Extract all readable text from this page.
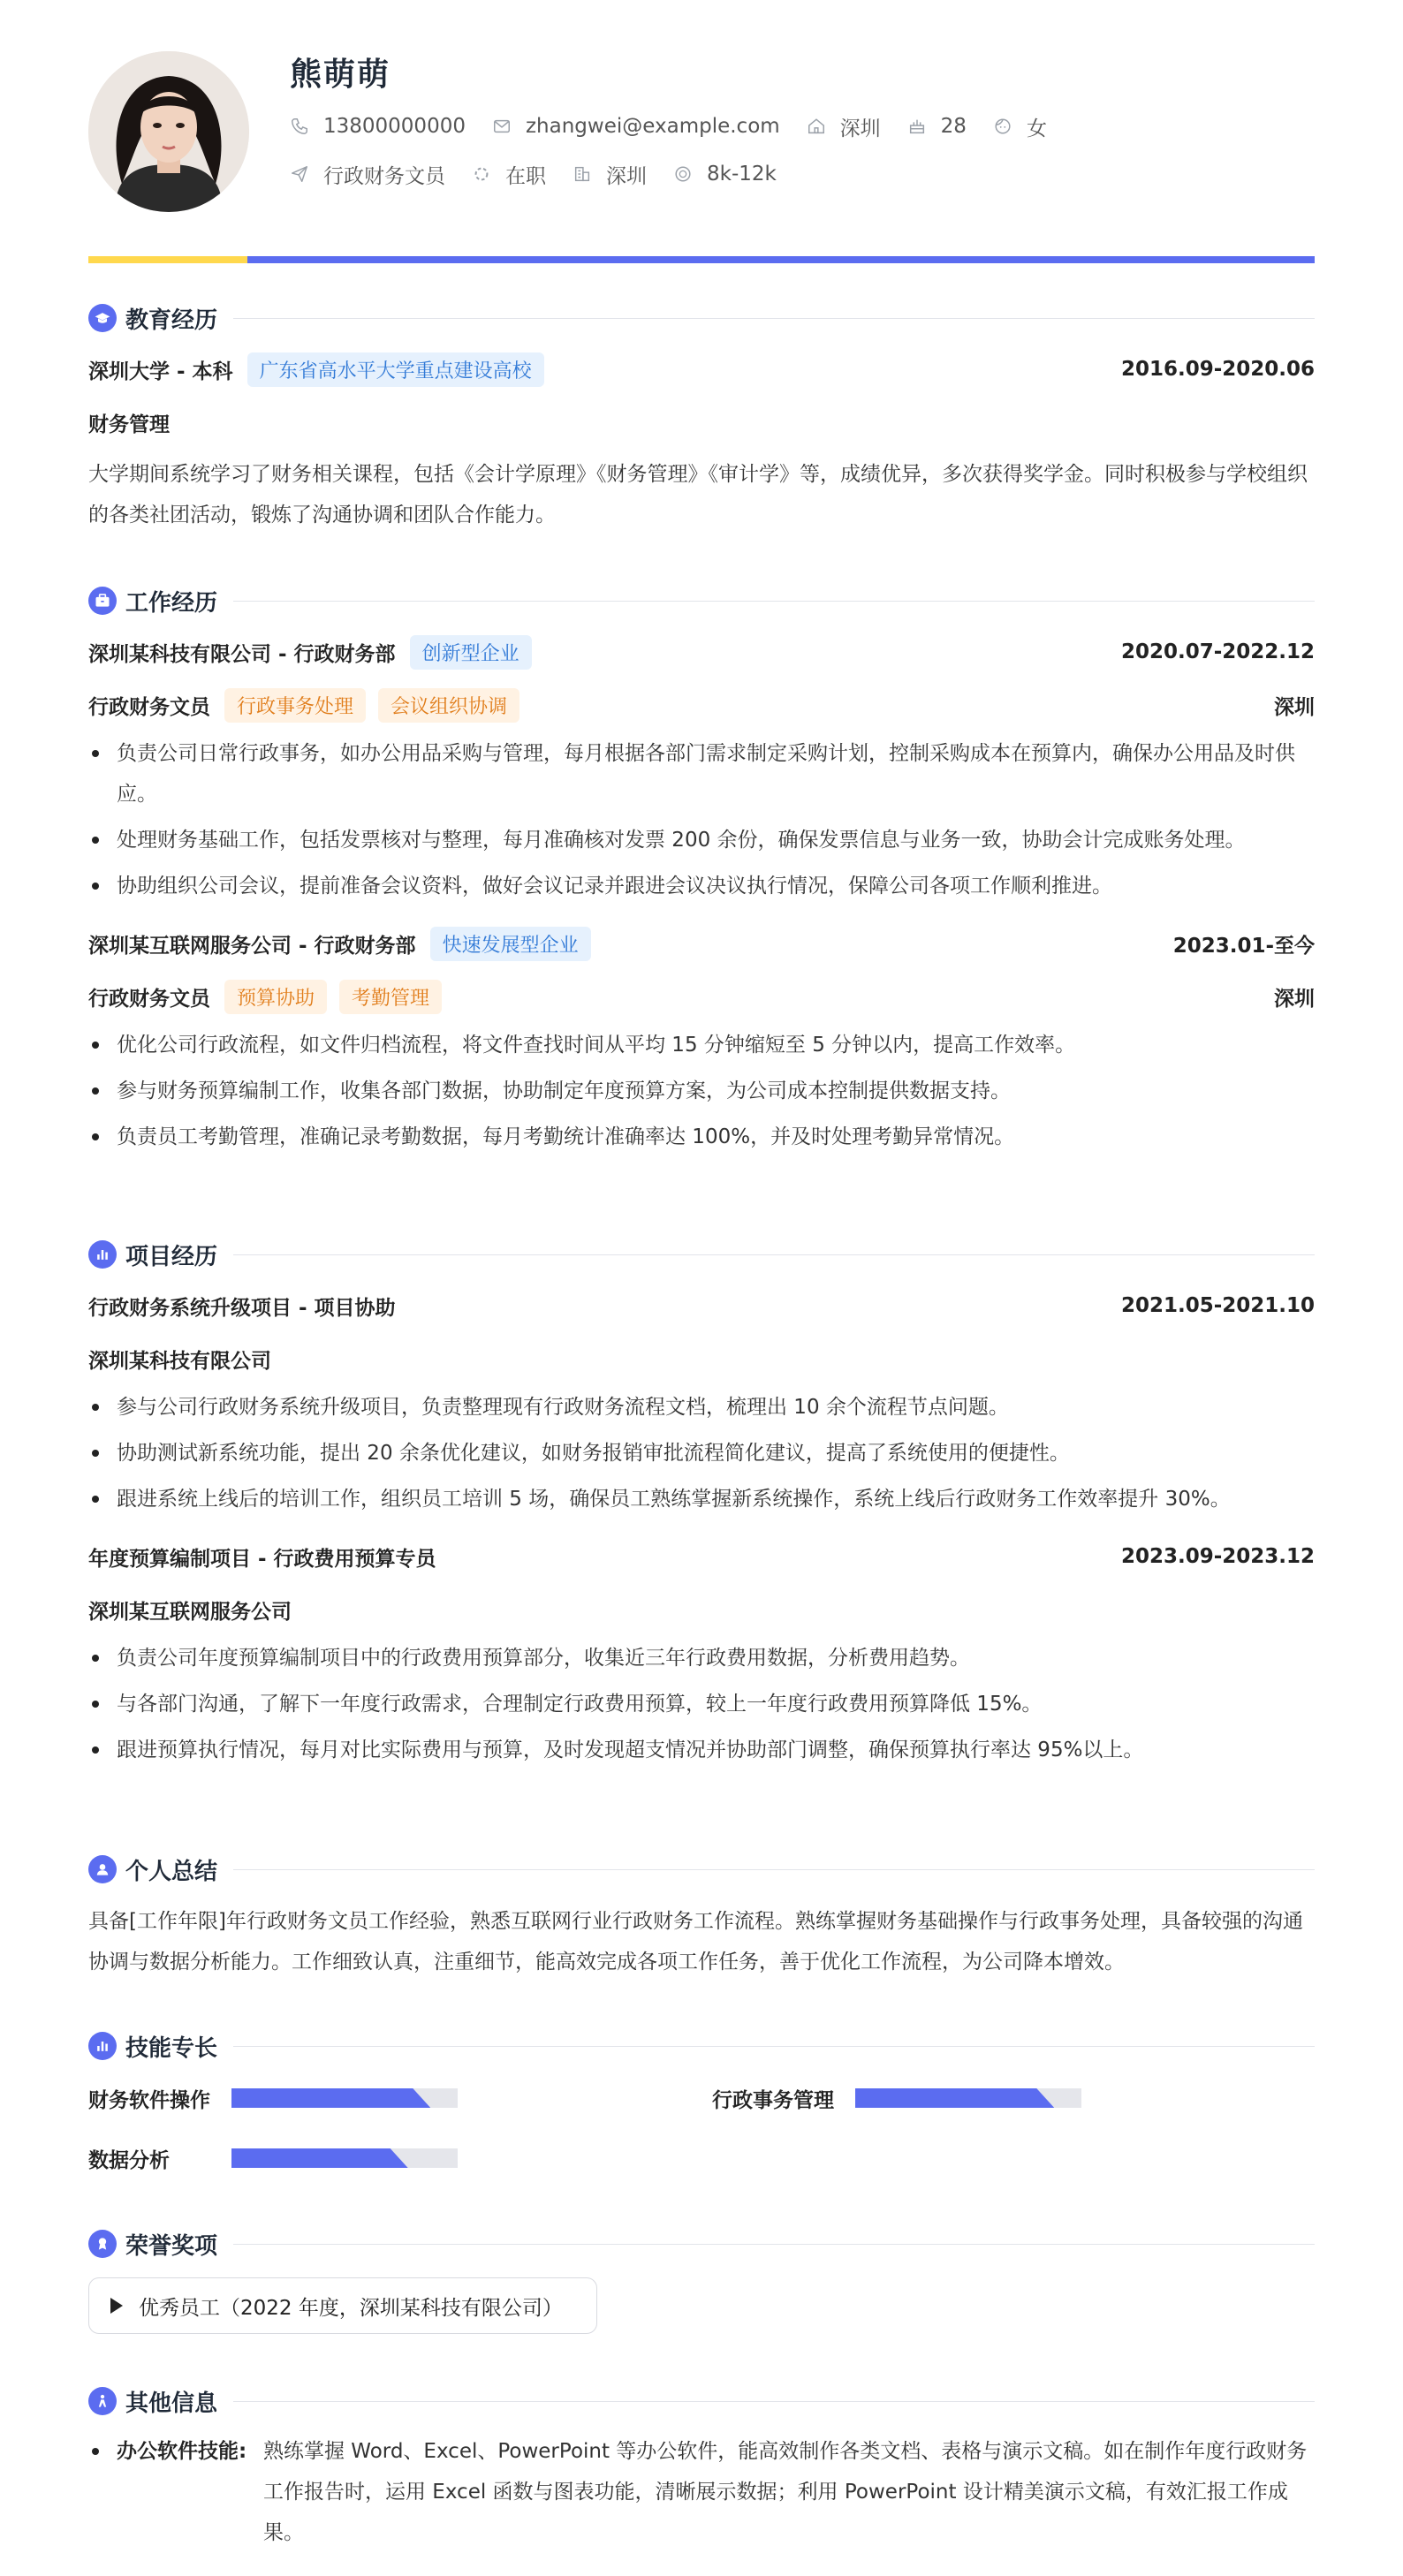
熊萌萌
13800000000	zhangwei@example.com	深圳	28	女
行政财务文员	在职	深圳	8k-12k
教育经历
深圳大学 - 本科	广东省高水平大学重点建设高校	2016.09-2020.06
财务管理
大学期间系统学习了财务相关课程，包括《会计学原理》《财务管理》《审计学》等，成绩优异，多次获得奖学金。同时积极参与学校组织的各类社团活动，锻炼了沟通协调和团队合作能力。
工作经历
深圳某科技有限公司 - 行政财务部	创新型企业	2020.07-2022.12
行政财务文员	行政事务处理	会议组织协调	深圳
负责公司日常行政事务，如办公用品采购与管理，每月根据各部门需求制定采购计划，控制采购成本在预算内，确保办公用品及时供应。
处理财务基础工作，包括发票核对与整理，每月准确核对发票 200 余份，确保发票信息与业务一致，协助会计完成账务处理。
协助组织公司会议，提前准备会议资料，做好会议记录并跟进会议决议执行情况，保障公司各项工作顺利推进。
深圳某互联网服务公司 - 行政财务部	快速发展型企业	2023.01-至今
行政财务文员	预算协助	考勤管理	深圳
优化公司行政流程，如文件归档流程，将文件查找时间从平均 15 分钟缩短至 5 分钟以内，提高工作效率。
参与财务预算编制工作，收集各部门数据，协助制定年度预算方案，为公司成本控制提供数据支持。
负责员工考勤管理，准确记录考勤数据，每月考勤统计准确率达 100%，并及时处理考勤异常情况。
项目经历
行政财务系统升级项目 - 项目协助	2021.05-2021.10
深圳某科技有限公司
参与公司行政财务系统升级项目，负责整理现有行政财务流程文档，梳理出 10 余个流程节点问题。
协助测试新系统功能，提出 20 余条优化建议，如财务报销审批流程简化建议，提高了系统使用的便捷性。
跟进系统上线后的培训工作，组织员工培训 5 场，确保员工熟练掌握新系统操作，系统上线后行政财务工作效率提升 30%。
年度预算编制项目 - 行政费用预算专员	2023.09-2023.12
深圳某互联网服务公司
负责公司年度预算编制项目中的行政费用预算部分，收集近三年行政费用数据，分析费用趋势。
与各部门沟通，了解下一年度行政需求，合理制定行政费用预算，较上一年度行政费用预算降低 15%。
跟进预算执行情况，每月对比实际费用与预算，及时发现超支情况并协助部门调整，确保预算执行率达 95%以上。
个人总结
具备[工作年限]年行政财务文员工作经验，熟悉互联网行业行政财务工作流程。熟练掌握财务基础操作与行政事务处理，具备较强的沟通协调与数据分析能力。工作细致认真，注重细节，能高效完成各项工作任务，善于优化工作流程，为公司降本增效。
技能专长
财务软件操作	行政事务管理
数据分析
荣誉奖项
优秀员工（2022 年度，深圳某科技有限公司）
其他信息
办公软件技能: 熟练掌握 Word、Excel、PowerPoint 等办公软件，能高效制作各类文档、表格与演示文稿。如在制作年度行政财务工作报告时，运用 Excel 函数与图表功能，清晰展示数据；利用 PowerPoint 设计精美演示文稿，有效汇报工作成果。
